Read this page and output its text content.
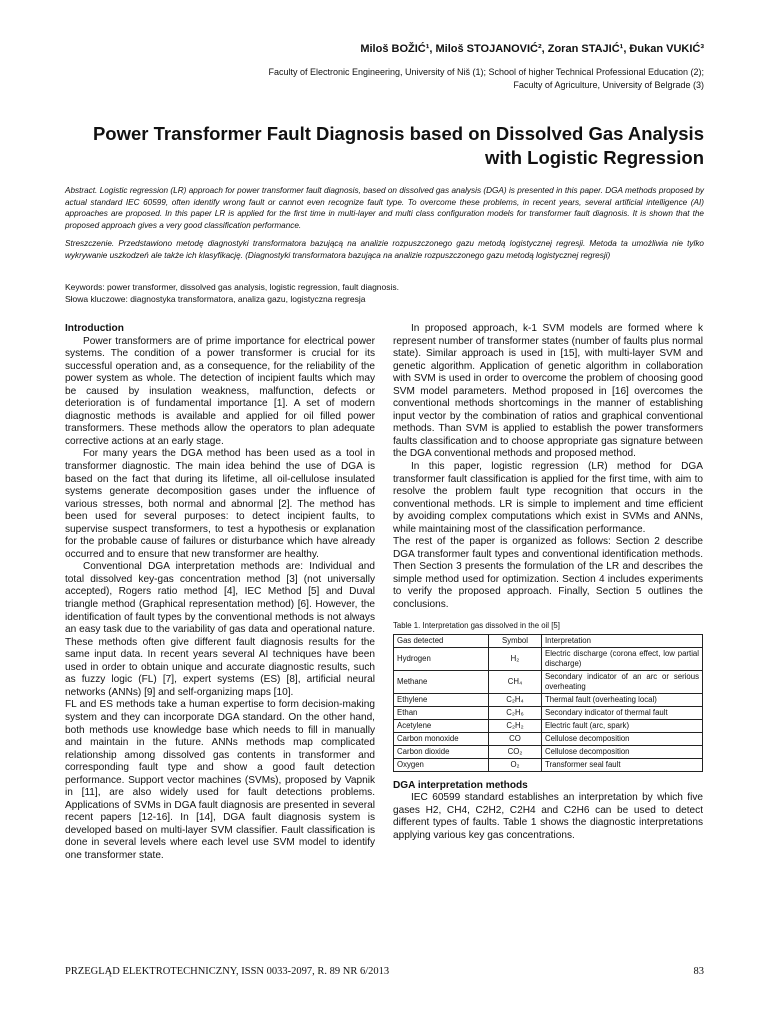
Miloš BOŽIĆ¹, Miloš STOJANOVIĆ², Zoran STAJIĆ¹, Đukan VUKIĆ³
Faculty of Electronic Engineering, University of Niš (1); School of higher Technical Professional Education (2);
Faculty of Agriculture, University of Belgrade (3)
Power Transformer Fault Diagnosis based on Dissolved Gas Analysis with Logistic Regression
Abstract. Logistic regression (LR) approach for power transformer fault diagnosis, based on dissolved gas analysis (DGA) is presented in this paper. DGA methods proposed by actual standard IEC 60599, often identify wrong fault or cannot even recognize fault type. To overcome these problems, in recent years, several artificial intelligence (AI) approaches are proposed. In this paper LR is applied for the first time in multi-layer and multi class configuration models for transformer fault diagnosis. It is shown that the proposed approach gives a very good classification performance.
Streszczenie. Przedstawiono metodę diagnostyki transformatora bazującą na analizie rozpuszczonego gazu metodą logistycznej regresji. Metoda ta umożliwia nie tylko wykrywanie uszkodzeń ale także ich klasyfikację. (Diagnostyki transformatora bazująca na analizie rozpuszczonego gazu metodą logistycznej regresji)
Keywords: power transformer, dissolved gas analysis, logistic regression, fault diagnosis.
Słowa kluczowe: diagnostyka transformatora, analiza gazu, logistyczna regresja
Introduction

Power transformers are of prime importance for electrical power systems. The condition of a power transformer is crucial for its successful operation and, as a consequence, for the reliability of the power system as whole. The detection of incipient faults which may be caused by insulation weakness, malfunction, defects or deterioration is of fundamental importance [1]. A set of modern diagnostic methods is available and applied for oil filled power transformers. These methods allow the operators to plan adequate corrective actions at an early stage.

For many years the DGA method has been used as a tool in transformer diagnostic. The main idea behind the use of DGA is based on the fact that during its lifetime, all oil-cellulose insulated systems generate decomposition gases under the influence of various stresses, both normal and abnormal [2]. The method has been used for several purposes: to detect incipient faults, to supervise suspect transformers, to test a hypothesis or explanation for the probable cause of failures or disturbance which have already occurred and to ensure that new transformer are healthy.

Conventional DGA interpretation methods are: Individual and total dissolved key-gas concentration method [3] (not universally accepted), Rogers ratio method [4], IEC Method [5] and Duval triangle method (Graphical representation method) [6]. However, the identification of fault types by the conventional methods is not always an easy task due to the variability of gas data and operational nature. These methods often give different fault diagnosis results for the same input data. In recent years several AI techniques have been used in order to obtain unique and accurate diagnostic results, such as fuzzy logic (FL) [7], expert systems (ES) [8], artificial neural networks (ANNs) [9] and self-organizing maps [10].

FL and ES methods take a human expertise to form decision-making system and they can incorporate DGA standard. On the other hand, both methods use knowledge base which needs to fill in manually and maintain in the future. ANNs methods map complicated relationship among dissolved gas contents in transformer and corresponding fault type and show a good fault detection performance. Support vector machines (SVMs), proposed by Vapnik in [11], are also widely used for fault detections problems. Applications of SVMs in DGA fault diagnosis are presented in several recent papers [12-16]. In [14], DGA fault diagnosis system is developed based on multi-layer SVM classifier. Fault classification is done in several levels where each level use SVM model to identify one transformer state.

In proposed approach, k-1 SVM models are formed where k represent number of transformer states (number of faults plus normal state). Similar approach is used in [15], with multi-layer SVM and genetic algorithm. Application of genetic algorithm in collaboration with SVM is used in order to overcome the problem of choosing good SVM model parameters. Method proposed in [16] overcomes the conventional methods shortcomings in the manner of establishing input vector by the combination of ratios and graphical conventional methods. Than SVM is applied to establish the power transformers faults classification and to choose appropriate gas signature between the DGA conventional methods and proposed method.

In this paper, logistic regression (LR) method for DGA transformer fault classification is applied for the first time, with aim to resolve the problem fault type recognition that occurs in the conventional methods. LR is simple to implement and time efficient by avoiding complex computations which exist in SVMs and ANNs, while maintaining most of the classification performance.

The rest of the paper is organized as follows: Section 2 describe DGA transformer fault types and conventional identification methods. Then Section 3 presents the formulation of the LR and describes the simple method used for optimization. Section 4 includes experiments to verify the proposed approach. Finally, Section 5 outlines the conclusions.

Table 1. Interpretation gas dissolved in the oil [5]
Gas detected	Symbol	Interpretation
Hydrogen	H₂	Electric discharge (corona effect, low partial discharge)
Methane	CH₄	Secondary indicator of an arc or serious overheating
Ethylene	C₂H₄	Thermal fault (overheating local)
Ethan	C₂H₆	Secondary indicator of thermal fault
Acetylene	C₂H₂	Electric fault (arc, spark)
Carbon monoxide	CO	Cellulose decomposition
Carbon dioxide	CO₂	Cellulose decomposition
Oxygen	O₂	Transformer seal fault
DGA interpretation methods

IEC 60599 standard establishes an interpretation by which five gases H2, CH4, C2H2, C2H4 and C2H6 can be used to detect different types of faults. Table 1 shows the diagnostic interpretations applying various key gas concentrations.

PRZEGLĄD ELEKTROTECHNICZNY, ISSN 0033-2097, R. 89 NR 6/2013	83
